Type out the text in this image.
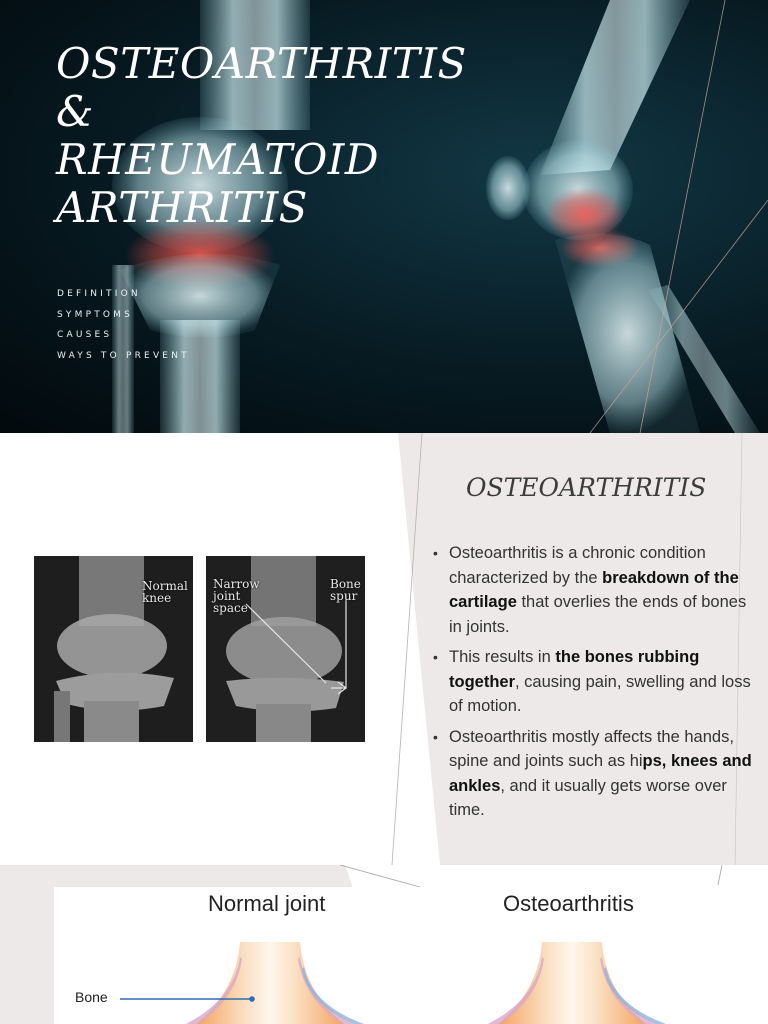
OSTEOARTHRITIS
&
RHEUMATOID
ARTHRITIS
DEFINITION
SYMPTOMS
CAUSES
WAYS TO PREVENT
Normal
knee
Narrow
joint
space
Bone
spur
OSTEOARTHRITIS
• Osteoarthritis is a chronic condition characterized by the breakdown of the cartilage that overlies the ends of bones in joints.
• This results in the bones rubbing together, causing pain, swelling and loss of motion.
• Osteoarthritis mostly affects the hands, spine and joints such as hips, knees and ankles, and it usually gets worse over time.
Normal joint	Osteoarthritis
Bone
